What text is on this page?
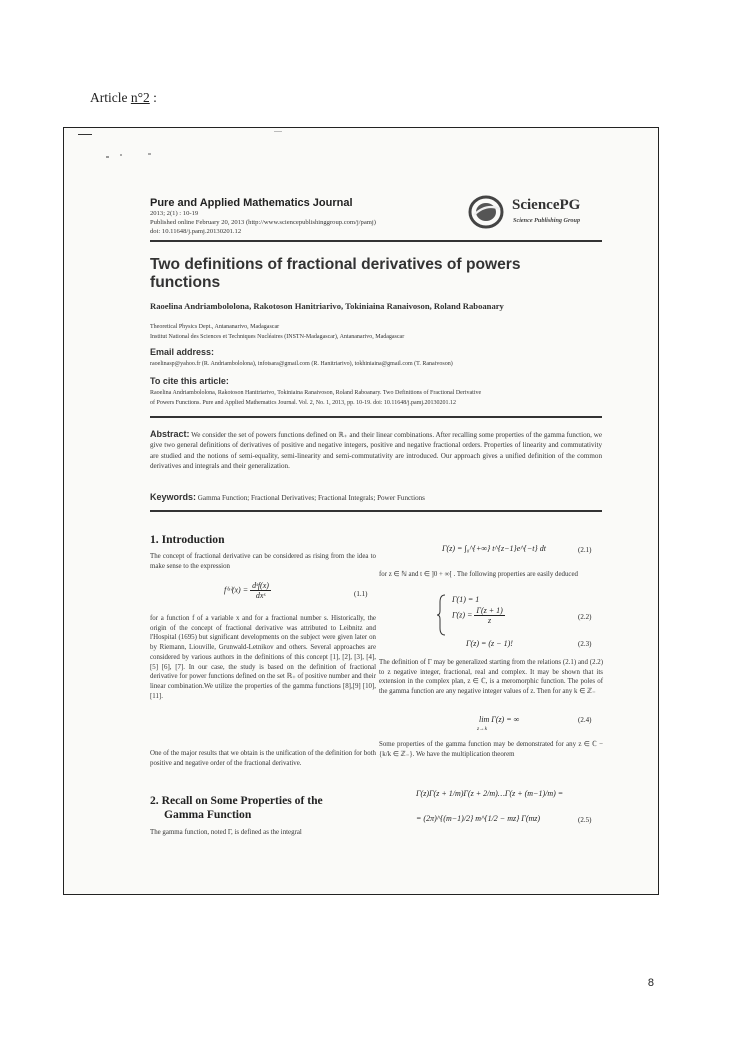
Article n°2 :
Pure and Applied Mathematics Journal
2013; 2(1) : 10-19
Published online February 20, 2013 (http://www.sciencepublishinggroup.com/j/pamj)
doi: 10.11648/j.pamj.20130201.12
SciencePG
Science Publishing Group
Two definitions of fractional derivatives of powers functions
Raoelina Andriambololona, Rakotoson Hanitriarivo, Tokiniaina Ranaivoson, Roland Raboanary
Theoretical Physics Dept., Antananarivo, Madagascar
Institut National des Sciences et Techniques Nucléaires (INSTN-Madagascar), Antananarivo, Madagascar
Email address:
raoelinasp@yahoo.fr (R. Andriambololona), infotsara@gmail.com (R. Hanitriarivo), tokhiniaina@gmail.com (T. Ranaivoson)
To cite this article:
Raoelina Andriambololona, Rakotoson Hanitriarivo, Tokiniaina Ranaivoson, Roland Raboanary. Two Definitions of Fractional Derivative
of Powers Functions. Pure and Applied Mathematics Journal. Vol. 2, No. 1, 2013, pp. 10-19. doi: 10.11648/j.pamj.20130201.12
Abstract: We consider the set of powers functions defined on ℝ₊ and their linear combinations. After recalling some properties of the gamma function, we give two general definitions of derivatives of positive and negative integers, positive and negative fractional orders. Properties of linearity and commutativity are studied and the notions of semi-equality, semi-linearity and semi-commutativity are introduced. Our approach gives a unified definition of the common derivatives and integrals and their generalization.
Keywords: Gamma Function; Fractional Derivatives; Fractional Integrals; Power Functions
1. Introduction
The concept of fractional derivative can be considered as rising from the idea to make sense to the expression
f⁽ˢ⁾(x) = $\frac{\text{dˢf(x)}}{\text{dxˢ}}$	(1.1)
for a function f of a variable x and for a fractional number s. Historically, the origin of the concept of fractional derivative was attributed to Leibnitz and l'Hospital (1695) but significant developments on the subject were given later on by Riemann, Liouville, Grunwald-Letnikov and others. Several approaches are considered by various authors in the definitions of this concept [1], [2], [3], [4], [5] [6], [7]. In our case, the study is based on the definition of fractional derivative for power functions defined on the set ℝ₊ of positive number and their linear combination.We utilize the properties of the gamma functions [8],[9] [10], [11].
One of the major results that we obtain is the unification of the definition for both positive and negative order of the fractional derivative.
2. Recall on Some Properties of the
Gamma Function
The gamma function, noted Γ, is defined as the integral
Γ(z) = ∫₀^{+∞} t^{z−1}e^{−t} dt	(2.1)
for z ∈ ℕ and t ∈ ]0 + ∞[ . The following properties are easily deduced
Γ(1) = 1
$\Gamma(z) = \frac{\Gamma(z + 1)}{z}$	(2.2)
Γ(z) = (z − 1)!	(2.3)
The definition of Γ may be generalized starting from the relations (2.1) and (2.2) to z negative integer, fractional, real and complex. It may be shown that its extension in the complex plan, z ∈ ℂ, is a meromorphic function. The poles of the gamma function are any negative integer values of z. Then for any k ∈ ℤ₋
lim Γ(z) = ∞
z→k
(2.4)
Some properties of the gamma function may be demonstrated for any z ∈ ℂ − {k/k ∈ ℤ₋}. We have the multiplication theorem
Γ(z)Γ(z + 1/m)Γ(z + 2/m)…Γ(z + (m−1)/m) =
= (2π)^{(m−1)/2} m^{1/2 − mz} Γ(mz)	(2.5)
8
